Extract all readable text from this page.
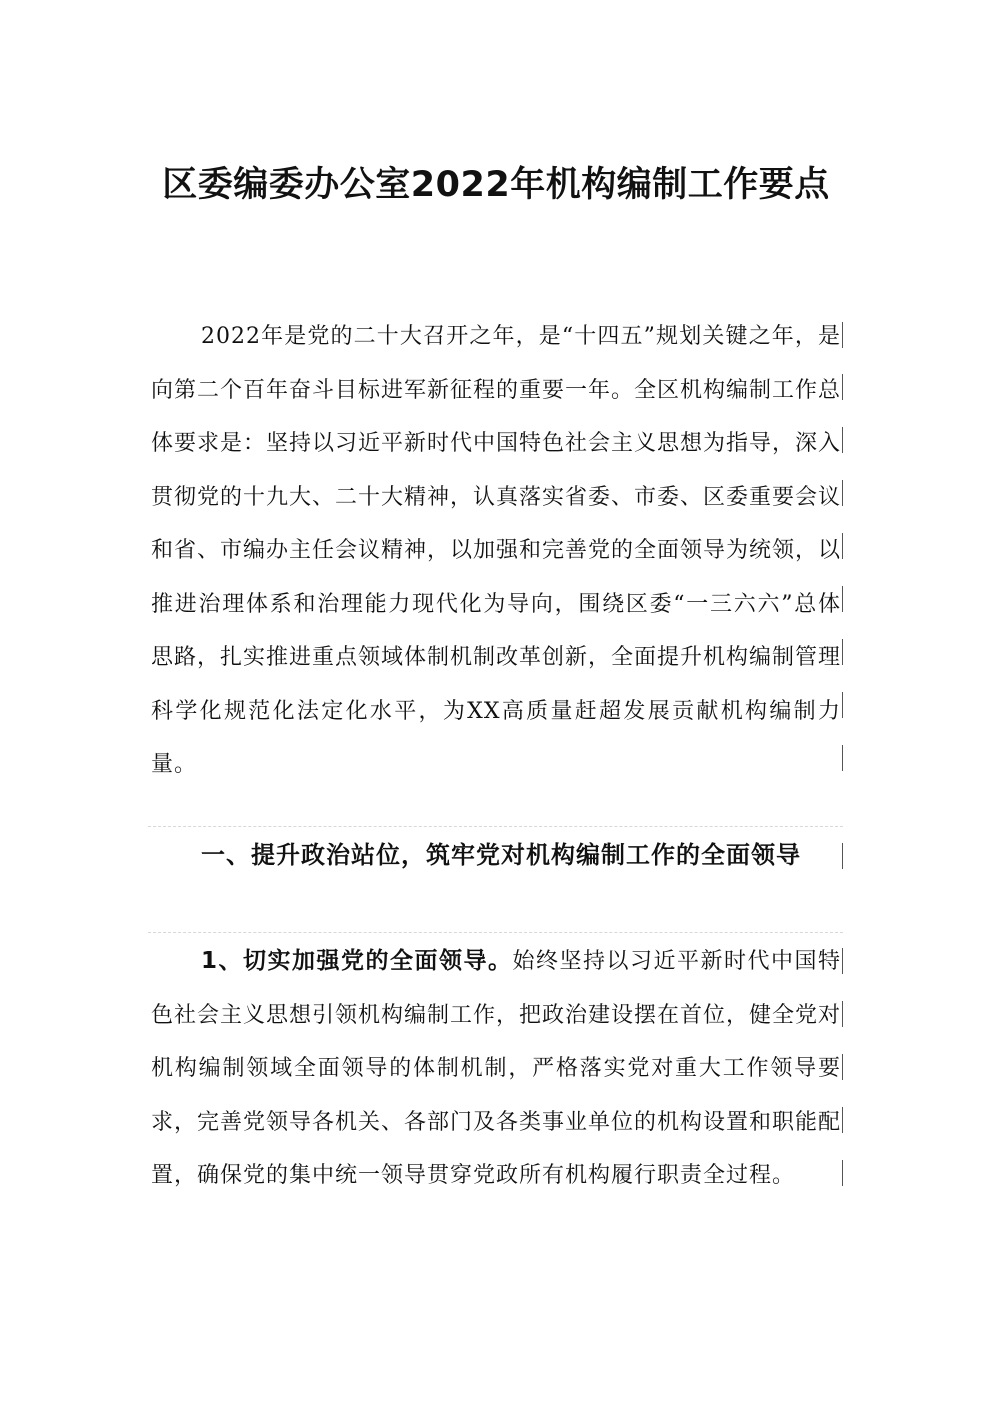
区委编委办公室2022年机构编制工作要点

2022年是党的二十大召开之年，是“十四五”规划关键之年，是向第二个百年奋斗目标进军新征程的重要一年。全区机构编制工作总体要求是：坚持以习近平新时代中国特色社会主义思想为指导，深入贯彻党的十九大、二十大精神，认真落实省委、市委、区委重要会议和省、市编办主任会议精神，以加强和完善党的全面领导为统领，以推进治理体系和治理能力现代化为导向，围绕区委“一三六六”总体思路，扎实推进重点领域体制机制改革创新，全面提升机构编制管理科学化规范化法定化水平，为XX高质量赶超发展贡献机构编制力量。

一、提升政治站位，筑牢党对机构编制工作的全面领导

1、切实加强党的全面领导。始终坚持以习近平新时代中国特色社会主义思想引领机构编制工作，把政治建设摆在首位，健全党对机构编制领域全面领导的体制机制，严格落实党对重大工作领导要求，完善党领导各机关、各部门及各类事业单位的机构设置和职能配置，确保党的集中统一领导贯穿党政所有机构履行职责全过程。
